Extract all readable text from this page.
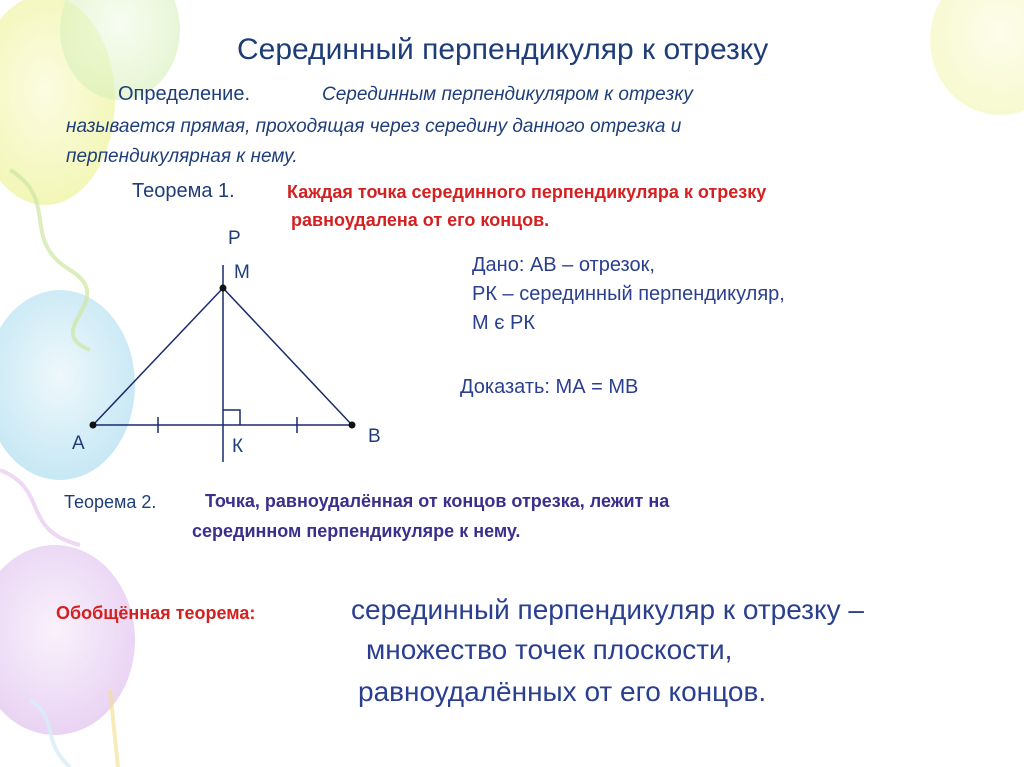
Серединный перпендикуляр к отрезку
Определение.	Серединным перпендикуляром к отрезку
называется прямая, проходящая через середину данного отрезка и
перпендикулярная к нему.
Теорема 1.	Каждая точка серединного перпендикуляра к отрезку
равноудалена от его концов.
Дано: АВ – отрезок,
РК – серединный перпендикуляр,
М є РК
Доказать: МА = МВ
Теорема 2.	Точка, равноудалённая от концов отрезка, лежит на
серединном перпендикуляре к нему.
Обобщённая теорема:	серединный перпендикуляр к отрезку –
множество точек плоскости,
равноудалённых от его концов.
Р
М
А	В
К
